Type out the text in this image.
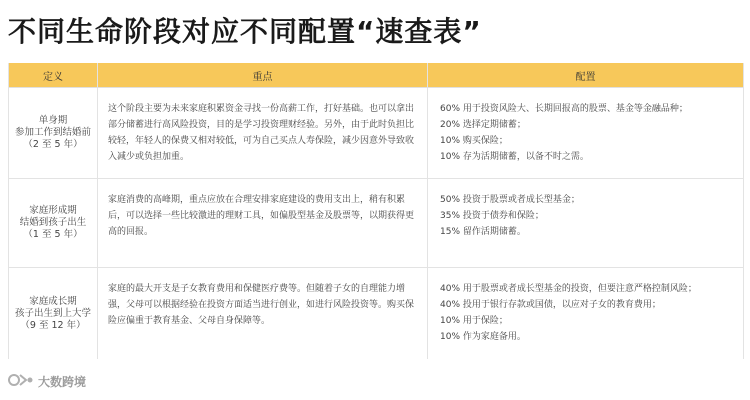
不同生命阶段对应不同配置“速查表”
定义	重点	配置
单身期
参加工作到结婚前
（2 至 5 年）
这个阶段主要为未来家庭积累资金寻找一份高薪工作，打好基础。也可以拿出部分储蓄进行高风险投资，目的是学习投资理财经验。另外，由于此时负担比较轻，年轻人的保费又相对较低，可为自己买点人寿保险，减少因意外导致收入减少或负担加重。
60% 用于投资风险大、长期回报高的股票、基金等金融品种；
20% 选择定期储蓄；
10% 购买保险；
10% 存为活期储蓄，以备不时之需。
家庭形成期
结婚到孩子出生
（1 至 5 年）
家庭消费的高峰期，重点应放在合理安排家庭建设的费用支出上，稍有积累后，可以选择一些比较激进的理财工具，如偏股型基金及股票等，以期获得更高的回报。
50% 投资于股票或者成长型基金；
35% 投资于债券和保险；
15% 留作活期储蓄。
家庭成长期
孩子出生到上大学
（9 至 12 年）
家庭的最大开支是子女教育费用和保健医疗费等。但随着子女的自理能力增强，父母可以根据经验在投资方面适当进行创业，如进行风险投资等。购买保险应偏重于教育基金、父母自身保障等。
40% 用于股票或者成长型基金的投资，但要注意严格控制风险；
40% 投用于银行存款或国债，以应对子女的教育费用；
10% 用于保险；
10% 作为家庭备用。
大数跨境
